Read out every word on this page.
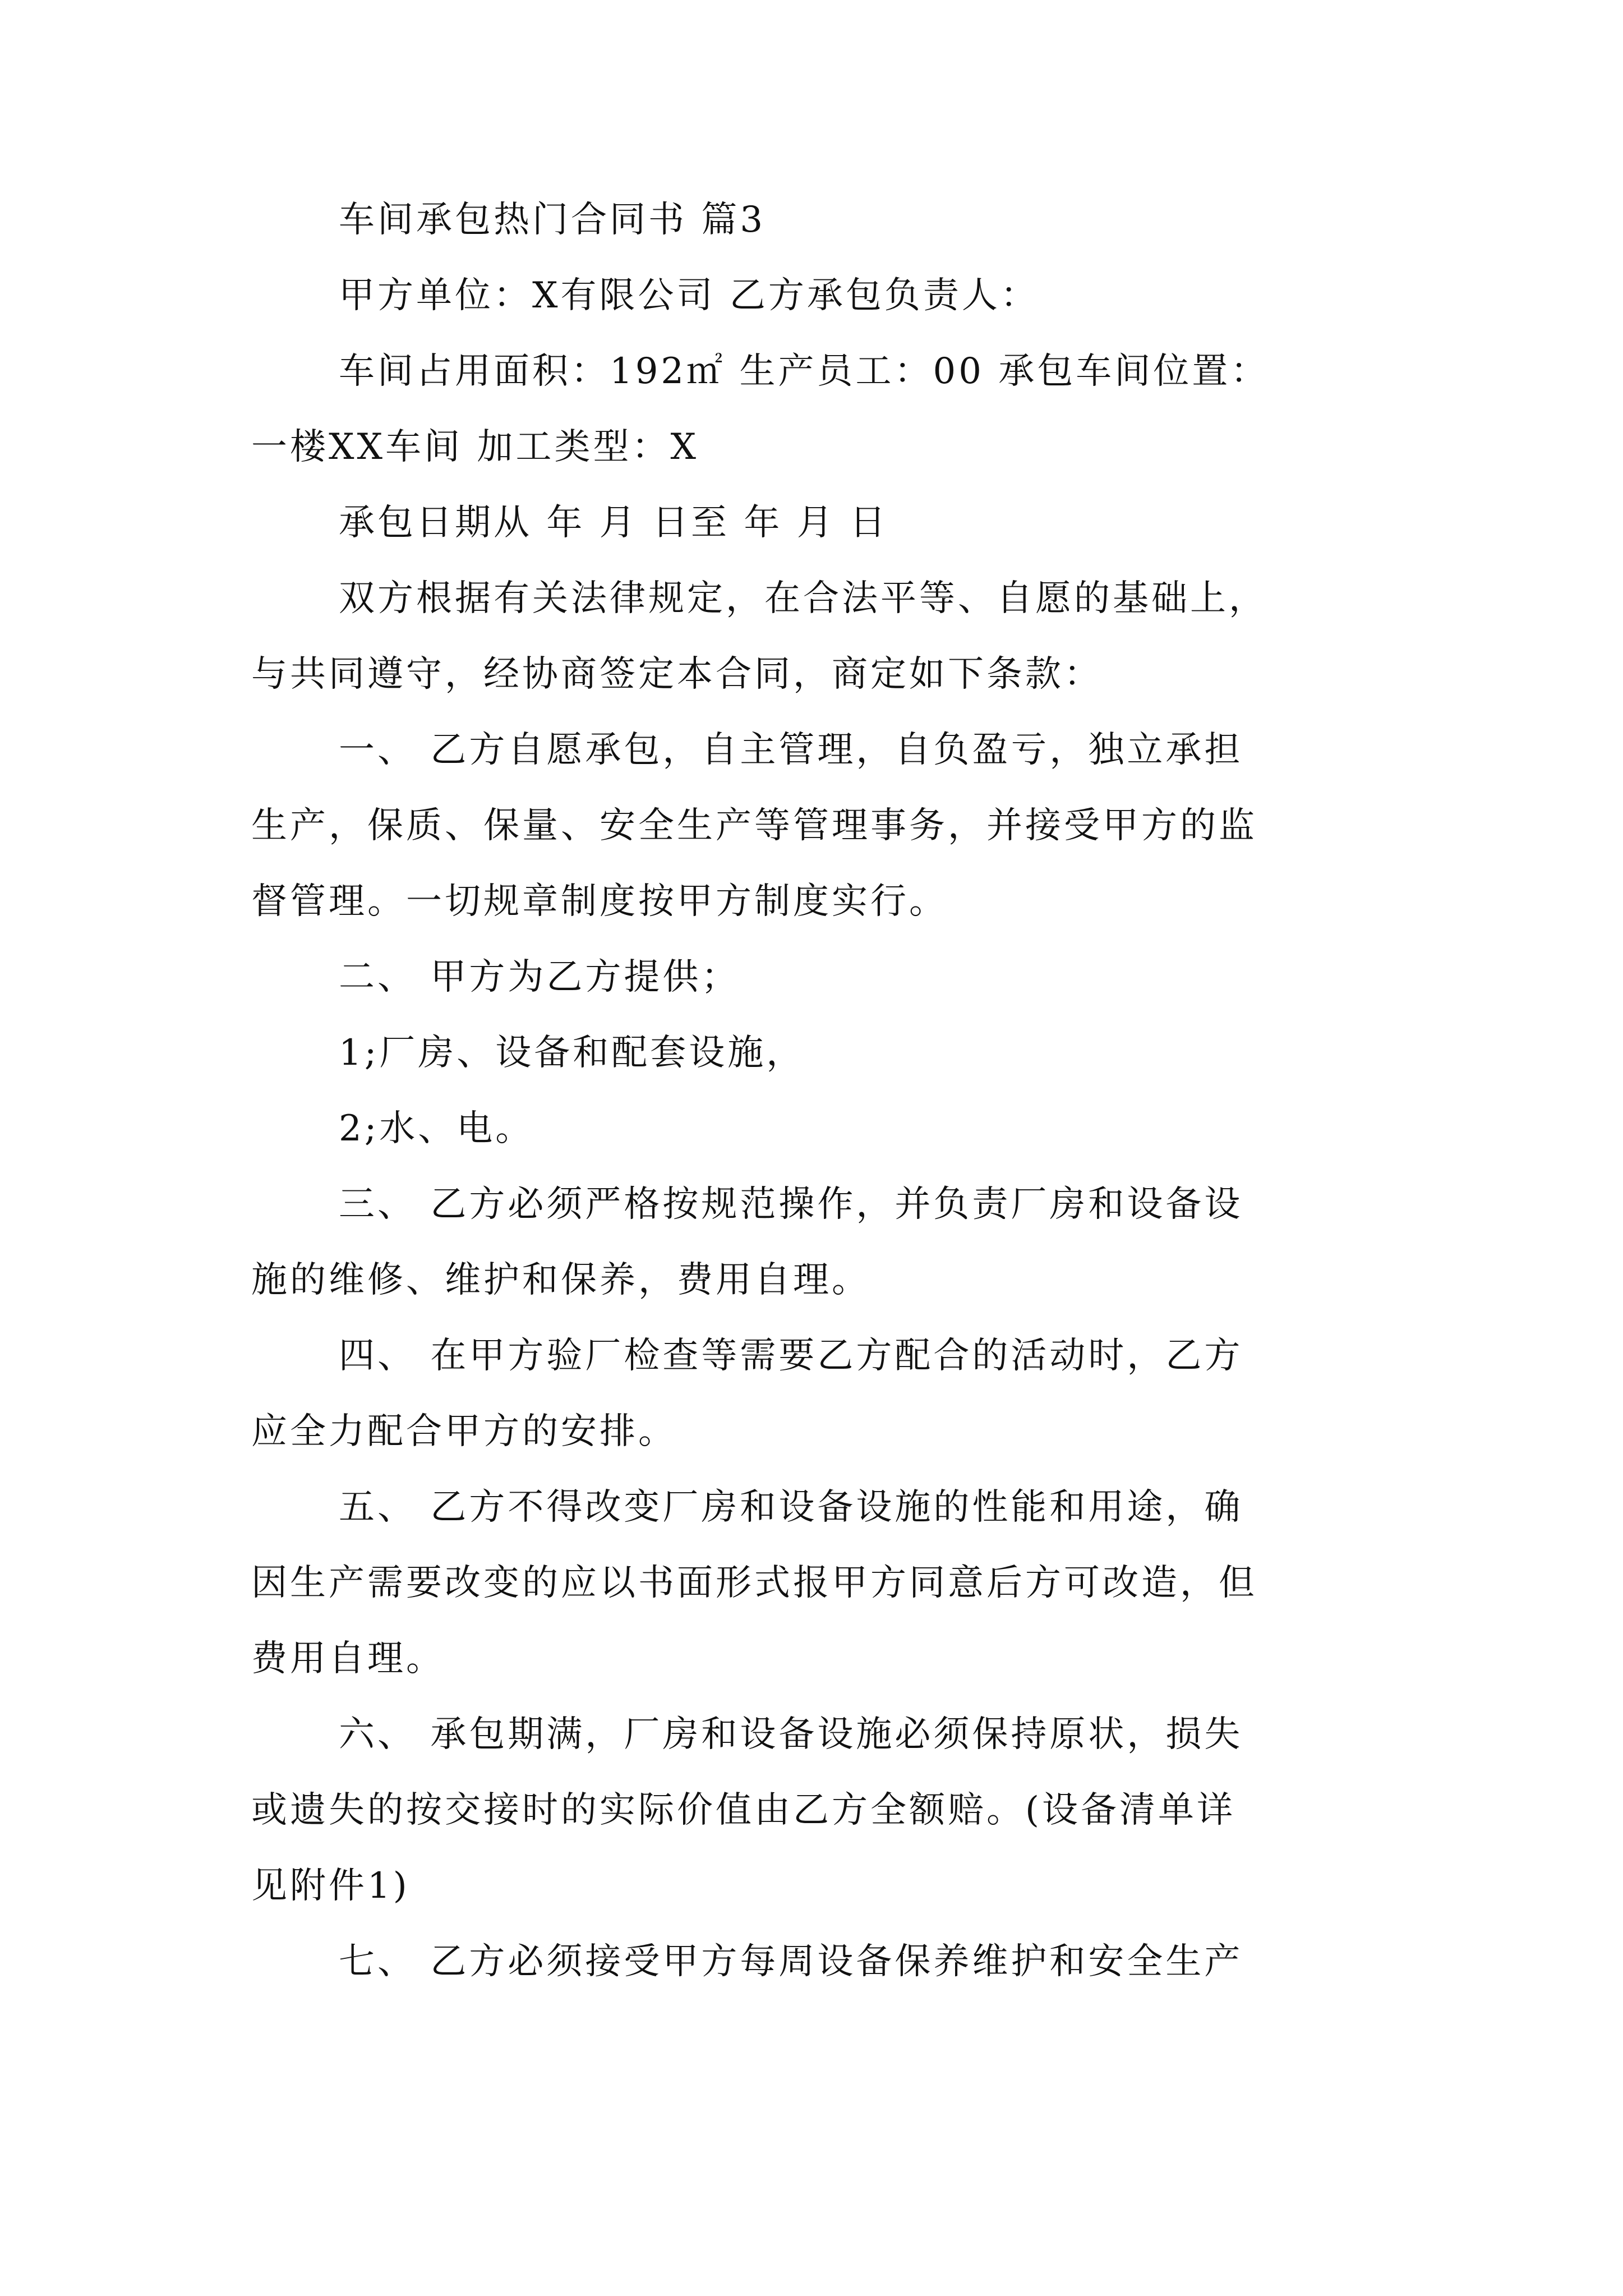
车间承包热门合同书 篇3
甲方单位：X有限公司 乙方承包负责人：
车间占用面积：192㎡ 生产员工：00 承包车间位置：
一楼XX车间 加工类型：X
承包日期从 年 月 日至 年 月 日
双方根据有关法律规定，在合法平等、自愿的基础上，
与共同遵守，经协商签定本合同，商定如下条款：
一、 乙方自愿承包，自主管理，自负盈亏，独立承担
生产，保质、保量、安全生产等管理事务，并接受甲方的监
督管理。一切规章制度按甲方制度实行。
二、 甲方为乙方提供；
1;厂房、设备和配套设施，
2;水、电。
三、 乙方必须严格按规范操作，并负责厂房和设备设
施的维修、维护和保养，费用自理。
四、 在甲方验厂检查等需要乙方配合的活动时，乙方
应全力配合甲方的安排。
五、 乙方不得改变厂房和设备设施的性能和用途，确
因生产需要改变的应以书面形式报甲方同意后方可改造，但
费用自理。
六、 承包期满，厂房和设备设施必须保持原状，损失
或遗失的按交接时的实际价值由乙方全额赔。(设备清单详
见附件1)
七、 乙方必须接受甲方每周设备保养维护和安全生产
